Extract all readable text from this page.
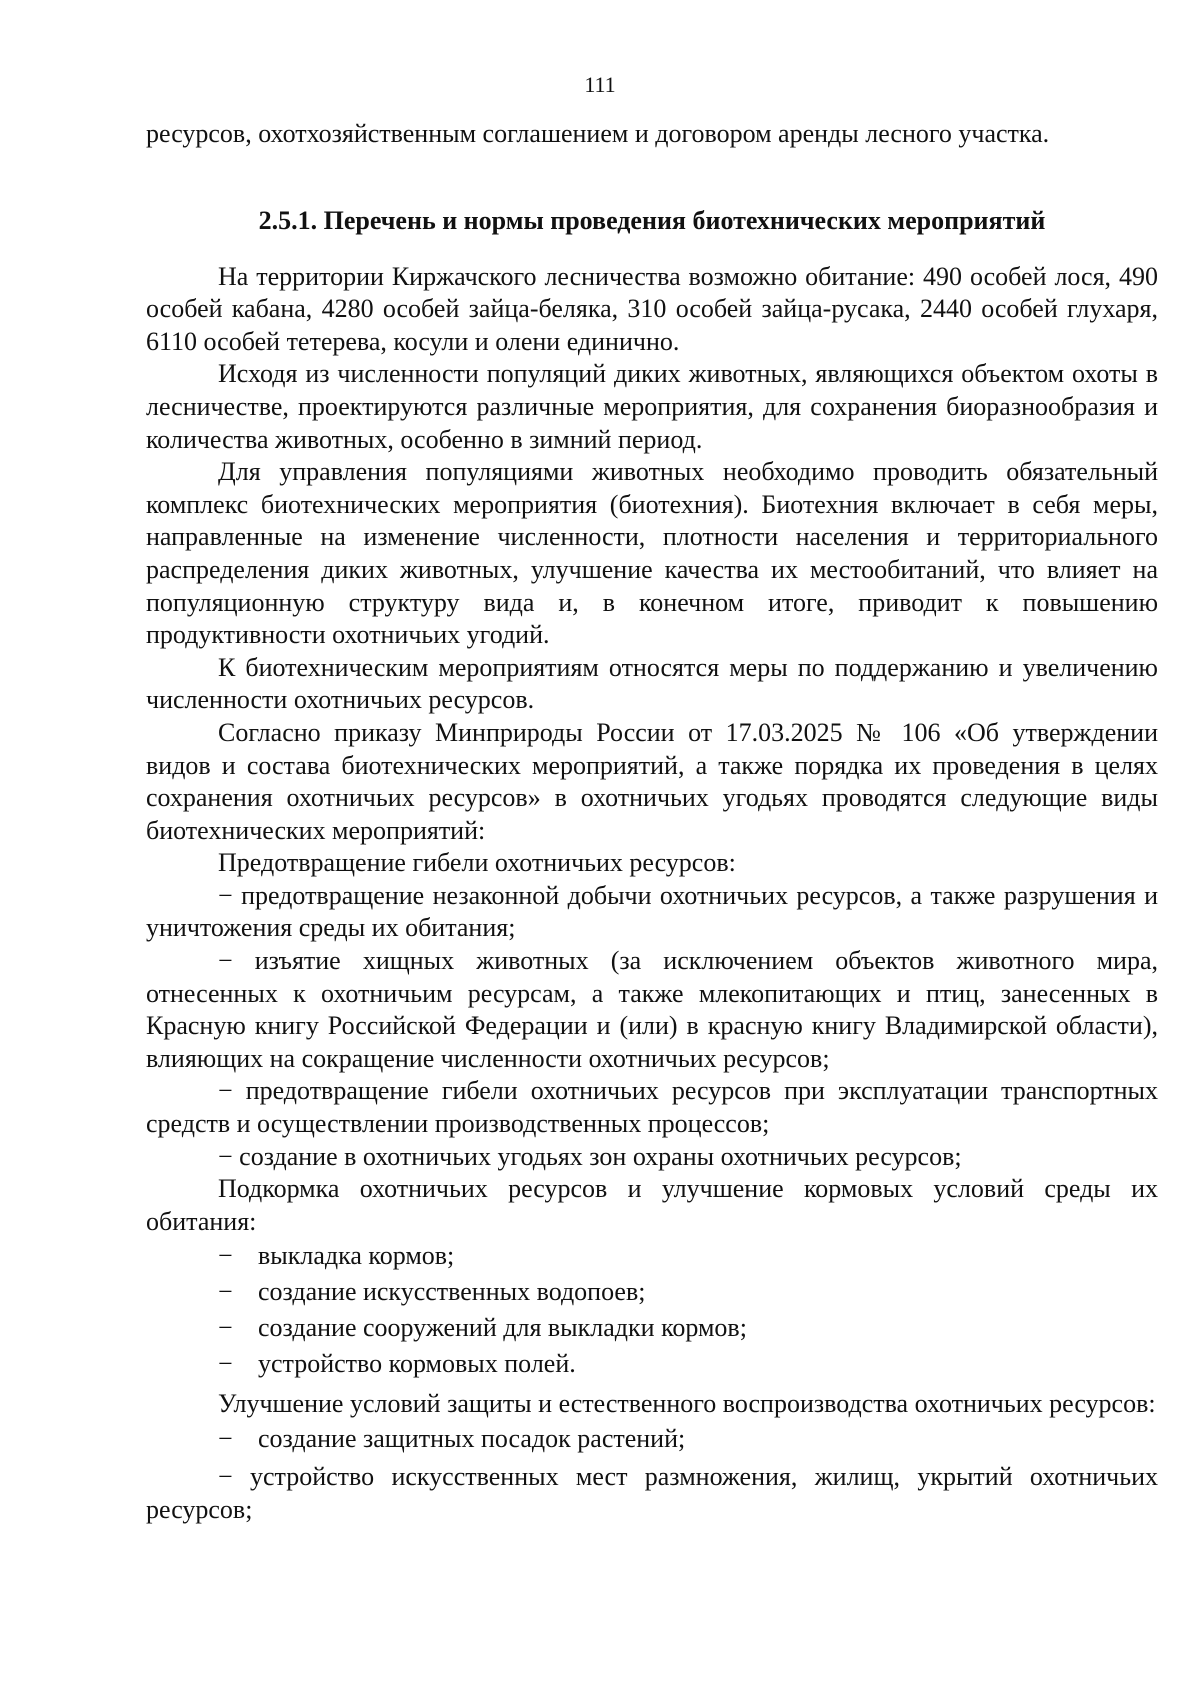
111

ресурсов, охотхозяйственным соглашением и договором аренды лесного участка.

2.5.1. Перечень и нормы проведения биотехнических мероприятий

На территории Киржачского лесничества возможно обитание: 490 особей лося, 490 особей кабана, 4280 особей зайца-беляка, 310 особей зайца-русака, 2440 особей глухаря, 6110 особей тетерева, косули и олени единично.

Исходя из численности популяций диких животных, являющихся объектом охоты в лесничестве, проектируются различные мероприятия, для сохранения биоразнообразия и количества животных, особенно в зимний период.

Для управления популяциями животных необходимо проводить обязательный комплекс биотехнических мероприятия (биотехния). Биотехния включает в себя меры, направленные на изменение численности, плотности населения и территориального распределения диких животных, улучшение качества их местообитаний, что влияет на популяционную структуру вида и, в конечном итоге, приводит к повышению продуктивности охотничьих угодий.

К биотехническим мероприятиям относятся меры по поддержанию и увеличению численности охотничьих ресурсов.

Согласно приказу Минприроды России от 17.03.2025 № 106 «Об утверждении видов и состава биотехнических мероприятий, а также порядка их проведения в целях сохранения охотничьих ресурсов» в охотничьих угодьях проводятся следующие виды биотехнических мероприятий:

Предотвращение гибели охотничьих ресурсов:

− предотвращение незаконной добычи охотничьих ресурсов, а также разрушения и уничтожения среды их обитания;

− изъятие хищных животных (за исключением объектов животного мира, отнесенных к охотничьим ресурсам, а также млекопитающих и птиц, занесенных в Красную книгу Российской Федерации и (или) в красную книгу Владимирской области), влияющих на сокращение численности охотничьих ресурсов;

− предотвращение гибели охотничьих ресурсов при эксплуатации транспортных средств и осуществлении производственных процессов;

− создание в охотничьих угодьях зон охраны охотничьих ресурсов;

Подкормка охотничьих ресурсов и улучшение кормовых условий среды их обитания:

− выкладка кормов;
− создание искусственных водопоев;
− создание сооружений для выкладки кормов;
− устройство кормовых полей.

Улучшение условий защиты и естественного воспроизводства охотничьих ресурсов:

− создание защитных посадок растений;

− устройство искусственных мест размножения, жилищ, укрытий охотничьих ресурсов;
